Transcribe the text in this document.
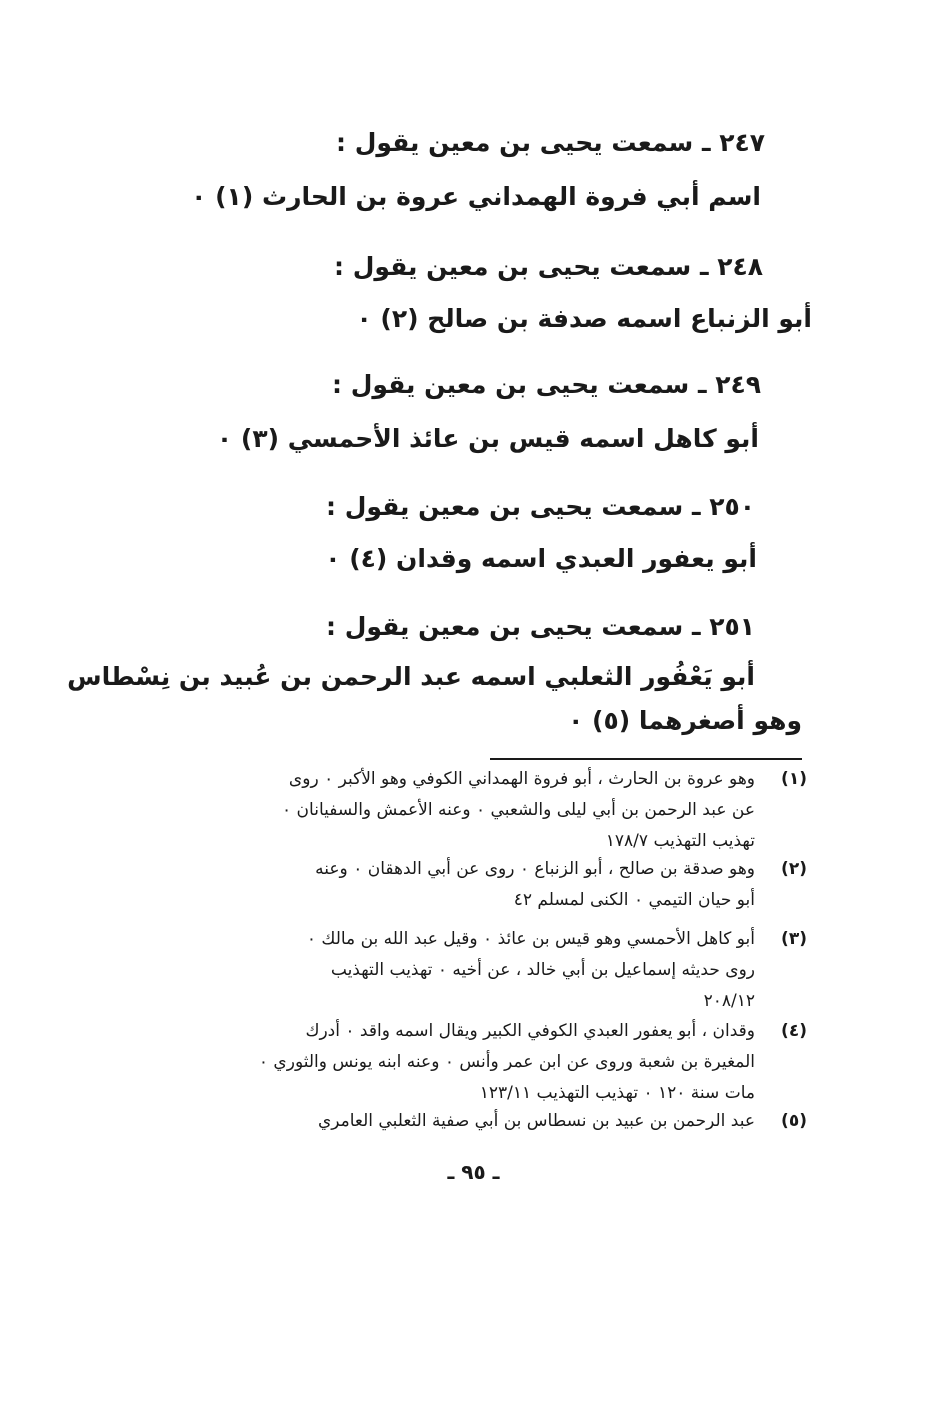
٢٤٧ ـ سمعت يحيى بن معين يقول :
اسم أبي فروة الهمداني عروة بن الحارث (١) ٠
٢٤٨ ـ سمعت يحيى بن معين يقول :
أبو الزنباع اسمه صدفة بن صالح (٢) ٠
٢٤٩ ـ سمعت يحيى بن معين يقول :
أبو كاهل اسمه قيس بن عائذ الأحمسي (٣) ٠
٢٥٠ ـ سمعت يحيى بن معين يقول :
أبو يعفور العبدي اسمه وقدان (٤) ٠
٢٥١ ـ سمعت يحيى بن معين يقول :
أبو يَعْفُور الثعلبي اسمه عبد الرحمن بن عُبيد بن نِسْطاس
وهو أصغرهما (٥) ٠
(١)
وهو عروة بن الحارث ، أبو فروة الهمداني الكوفي وهو الأكبر ٠ روى
عن عبد الرحمن بن أبي ليلى والشعبي ٠ وعنه الأعمش والسفيانان ٠
تهذيب التهذيب ١٧٨/٧
(٢)
وهو صدقة بن صالح ، أبو الزنباع ٠ روى عن أبي الدهقان ٠ وعنه
أبو حيان التيمي ٠ الكنى لمسلم ٤٢
(٣)
أبو كاهل الأحمسي وهو قيس بن عائذ ٠ وقيل عبد الله بن مالك ٠
روى حديثه إسماعيل بن أبي خالد ، عن أخيه ٠ تهذيب التهذيب
٢٠٨/١٢
(٤)
وقدان ، أبو يعفور العبدي الكوفي الكبير ويقال اسمه واقد ٠ أدرك
المغيرة بن شعبة وروى عن ابن عمر وأنس ٠ وعنه ابنه يونس والثوري ٠
مات سنة ١٢٠ ٠ تهذيب التهذيب ١٢٣/١١
(٥)
عبد الرحمن بن عبيد بن نسطاس بن أبي صفية الثعلبي العامري
ـ ٩٥ ـ
